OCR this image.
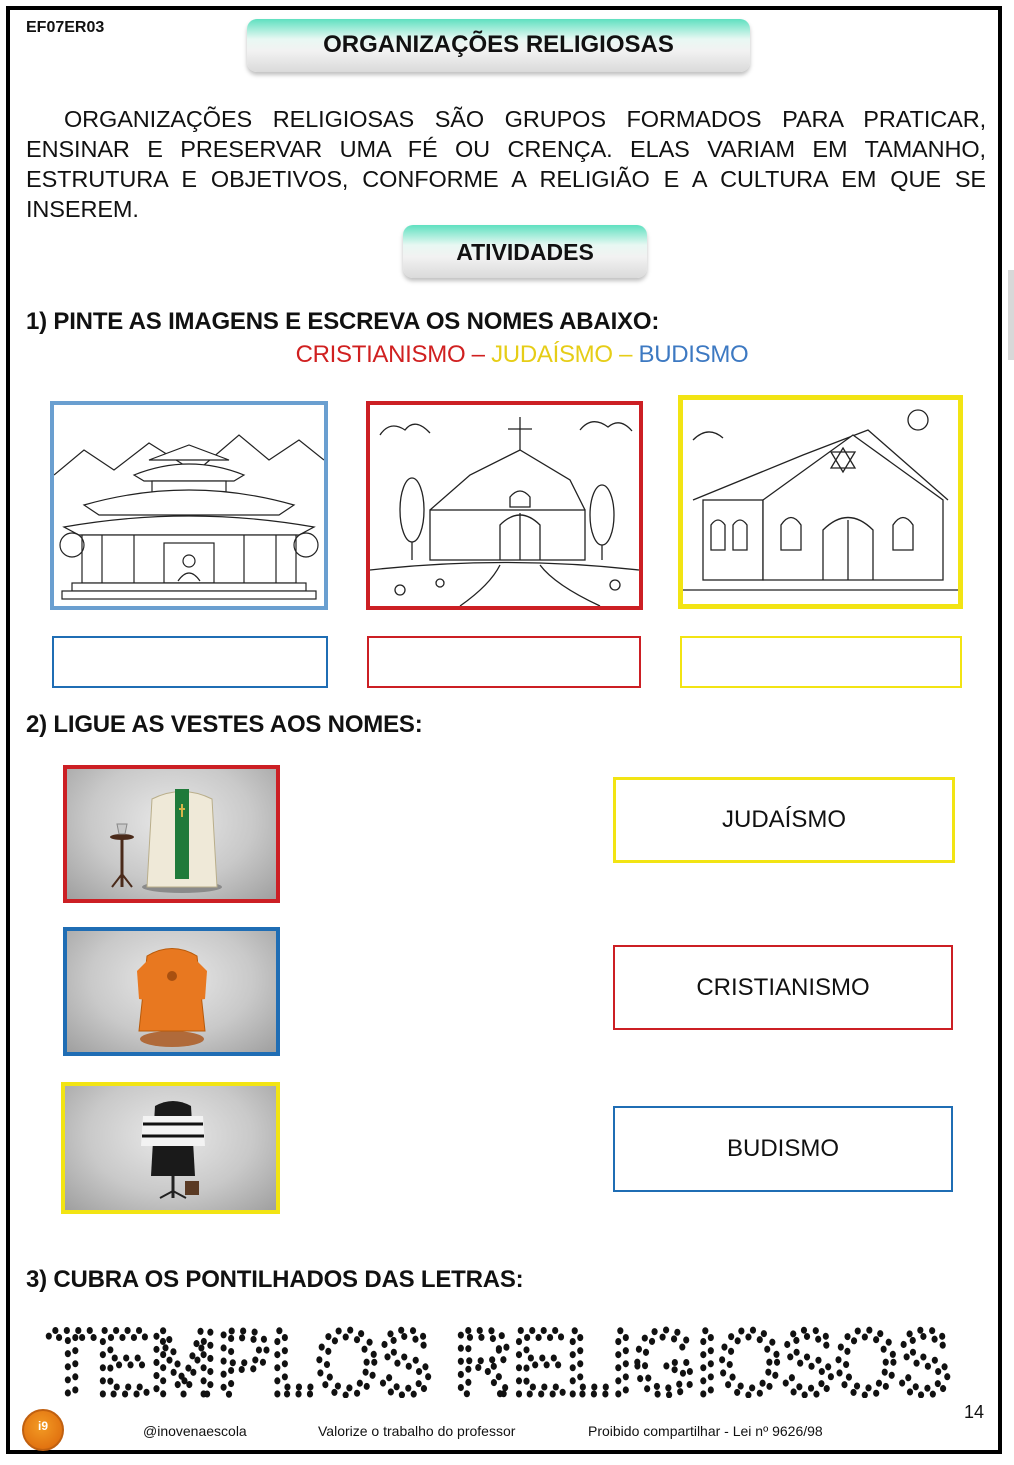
EF07ER03
ORGANIZAÇÕES RELIGIOSAS
ORGANIZAÇÕES RELIGIOSAS SÃO GRUPOS FORMADOS PARA PRATICAR, ENSINAR E PRESERVAR UMA FÉ OU CRENÇA. ELAS VARIAM EM TAMANHO, ESTRUTURA E OBJETIVOS, CONFORME A RELIGIÃO E A CULTURA EM QUE SE INSEREM.
ATIVIDADES
1) PINTE AS IMAGENS E ESCREVA OS NOMES ABAIXO:
CRISTIANISMO – JUDAÍSMO – BUDISMO
2) LIGUE AS VESTES AOS NOMES:
JUDAÍSMO
CRISTIANISMO
BUDISMO
3) CUBRA OS PONTILHADOS DAS LETRAS:
TEMPLOS RELIGIOSOS
i9	@inovenaescola	Valorize o trabalho do professor	Proibido compartilhar - Lei nº 9626/98
14
